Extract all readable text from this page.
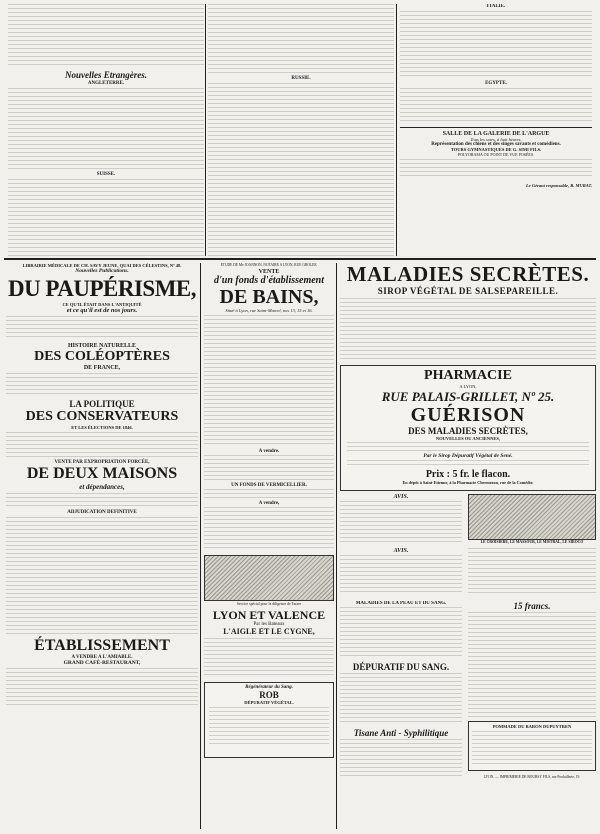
Nouvelles Etrangères.
ANGLETERRE.
SUISSE.
RUSSIE.
ITALIE.
EGYPTE.
SALLE DE LA GALERIE DE L'ARGUE
Tous les soirs, à huit heures,
Représentation des chiens et des singes savants et comédiens.
TOURS GYMNASTIQUES DE G. SIMI FILS.
POLYORAMA OU POINT DE VUE POSÉES.
Le Gérant responsable, B. MURAT.
LIBRAIRIE MÉDICALE DE CH. SAVY JEUNE, QUAI DES CÉLESTINS, Nº 48.
Nouvelles Publications.
DU PAUPÉRISME,
CE QU'IL ÉTAIT DANS L'ANTIQUITÉ
et ce qu'il est de nos jours.
HISTOIRE NATURELLE
DES COLÉOPTÈRES
DE FRANCE,
LA POLITIQUE
DES CONSERVATEURS
ET LES ÉLECTIONS DE 1846.
VENTE PAR EXPROPRIATION FORCÉE,
DE DEUX MAISONS
et dépendances,
ADJUDICATION DEFINITIVE
ÉTABLISSEMENT
A VENDRE A L'AMIABLE.
GRAND CAFÉ-RESTAURANT,
ÉTUDE DE Me JOANNON, NOTAIRE A LYON, RUE GROLÉE.
VENTE
d'un fonds d'établissement
DE BAINS,
Situé à Lyon, rue Saint-Marcel, nos 13, 15 et 16.
A vendre.
UN FONDS DE VERMICELLIER.
A vendre,
Service spécial pour la diligence de Tarare
LYON ET VALENCE
Par les Bateaux
L'AIGLE ET LE CYGNE,
Régénérateur du Sang.
ROB
DÉPURATIF VÉGÉTAL.
MALADIES SECRÈTES.
SIROP VÉGÉTAL DE SALSEPAREILLE.
PHARMACIE
A LYON,
RUE PALAIS-GRILLET, Nº 25.
GUÉRISON
DES MALADIES SECRÈTES,
NOUVELLES OU ANCIENNES,
Par le Sirop Dépuratif Végétal de Sené.
Prix : 5 fr. le flacon.
En dépôt à Saint-Etienne, à la Pharmacie Chermezon, rue de la Comédie.
AVIS.
AVIS.
LE CROISIERE, LE MASSOUR, LE MISTRAL, LE SIROCO
MALADIES DE LA PEAU ET DU SANG.
DÉPURATIF DU SANG.
Tisane Anti - Syphilitique
15 francs.
POMMADE DU BARON DUPUYTREN
LYON. — IMPRIMERIE DE BOURSY FILS, rue Poulaillerie, 19.
